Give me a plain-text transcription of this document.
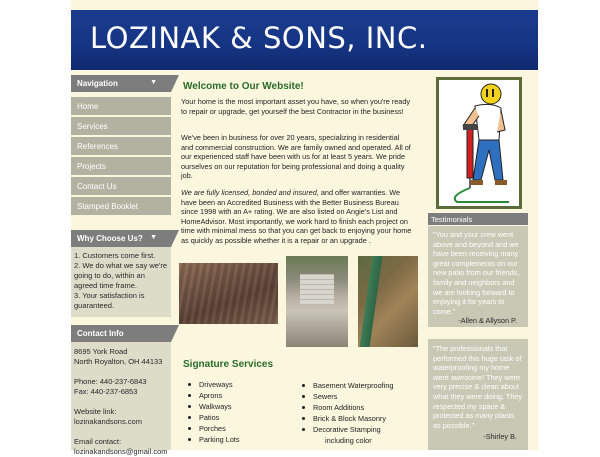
LOZINAK & SONS, INC.
Navigation	▼
Home
Services
References
Projects
Contact Us
Stamped Booklet
Why Choose Us? ▼

1. Customers come first.

2. We do what we say we're going to do, within an agreed time frame.

3. Your satisfaction is guaranteed.

Contact Info

8695 York Road

North Royalton, OH 44133

Phone: 440-237-6843

Fax: 440-237-6853

Website link:

lozinakandsons.com

Email contact:

lozinakandsons@gmail.com

Welcome to Our Website!

Your home is the most important asset you have, so when you're ready to repair or upgrade, get yourself the best Contractor in the business!

We've been in business for over 20 years, specializing in residential and commercial construction. We are family owned and operated. All of our experienced staff have been with us for at least 5 years. We pride ourselves on our reputation for being professional and doing a quality job.

We are fully licensed, bonded and insured, and offer warranties. We have been an Accredited Business with the Better Business Bureau since 1998 with an A+ rating. We are also listed on Angie's List and HomeAdvisor. Most importantly, we work hard to finish each project on time with minimal mess so that you can get back to enjoying your home as quickly as possible whether it is a repair or an upgrade .

Signature Services
Driveways
Aprons
Walkways
Patios
Porches
Parking Lots
Basement Waterproofing
Sewers
Room Additions
Brick & Block Masonry
Decorative Stamping
including color
Testimonials

"You and your crew went above and beyond and we have been receiving many great complements on our new patio from our friends, family and neighbors and we are looking forward to enjoying it for years to come."

-Allen & Allyson P.

"The professionals that performed this huge task of waterproofing my home were awesome! They were very precise & clean about what they were doing. They respected my space & protected as many plants as possible."

-Shirley B.
